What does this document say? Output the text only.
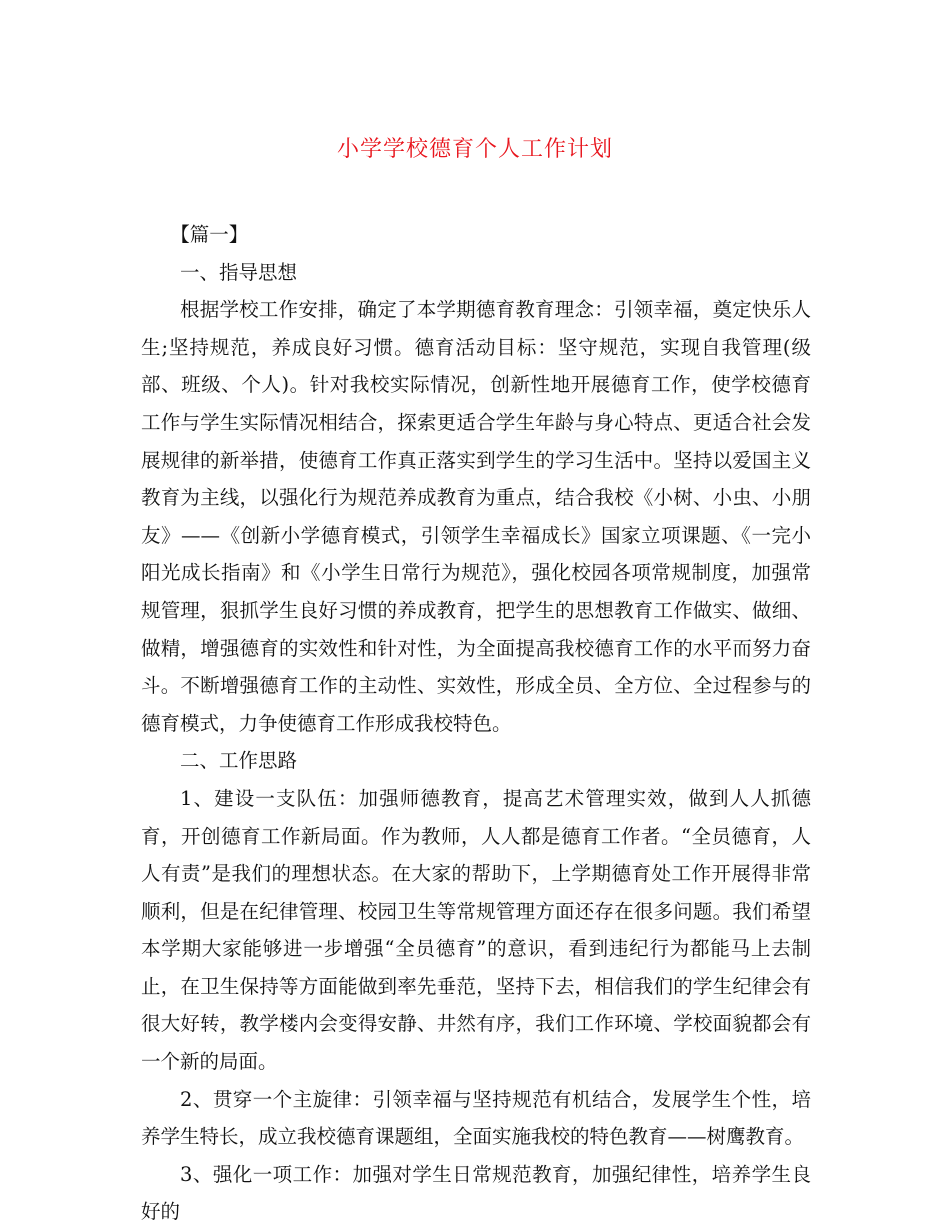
小学学校德育个人工作计划

【篇一】

一、指导思想

根据学校工作安排，确定了本学期德育教育理念：引领幸福，奠定快乐人生;坚持规范，养成良好习惯。德育活动目标：坚守规范，实现自我管理(级部、班级、个人)。针对我校实际情况，创新性地开展德育工作，使学校德育工作与学生实际情况相结合，探索更适合学生年龄与身心特点、更适合社会发展规律的新举措，使德育工作真正落实到学生的学习生活中。坚持以爱国主义教育为主线，以强化行为规范养成教育为重点，结合我校《小树、小虫、小朋友》——《创新小学德育模式，引领学生幸福成长》国家立项课题、《一完小阳光成长指南》和《小学生日常行为规范》，强化校园各项常规制度，加强常规管理，狠抓学生良好习惯的养成教育，把学生的思想教育工作做实、做细、做精，增强德育的实效性和针对性，为全面提高我校德育工作的水平而努力奋斗。不断增强德育工作的主动性、实效性，形成全员、全方位、全过程参与的德育模式，力争使德育工作形成我校特色。

二、工作思路

1、建设一支队伍：加强师德教育，提高艺术管理实效，做到人人抓德育，开创德育工作新局面。作为教师，人人都是德育工作者。“全员德育，人人有责”是我们的理想状态。在大家的帮助下，上学期德育处工作开展得非常顺利，但是在纪律管理、校园卫生等常规管理方面还存在很多问题。我们希望本学期大家能够进一步增强“全员德育”的意识，看到违纪行为都能马上去制止，在卫生保持等方面能做到率先垂范，坚持下去，相信我们的学生纪律会有很大好转，教学楼内会变得安静、井然有序，我们工作环境、学校面貌都会有一个新的局面。

2、贯穿一个主旋律：引领幸福与坚持规范有机结合，发展学生个性，培养学生特长，成立我校德育课题组，全面实施我校的特色教育——树鹰教育。

3、强化一项工作：加强对学生日常规范教育，加强纪律性，培养学生良好的
